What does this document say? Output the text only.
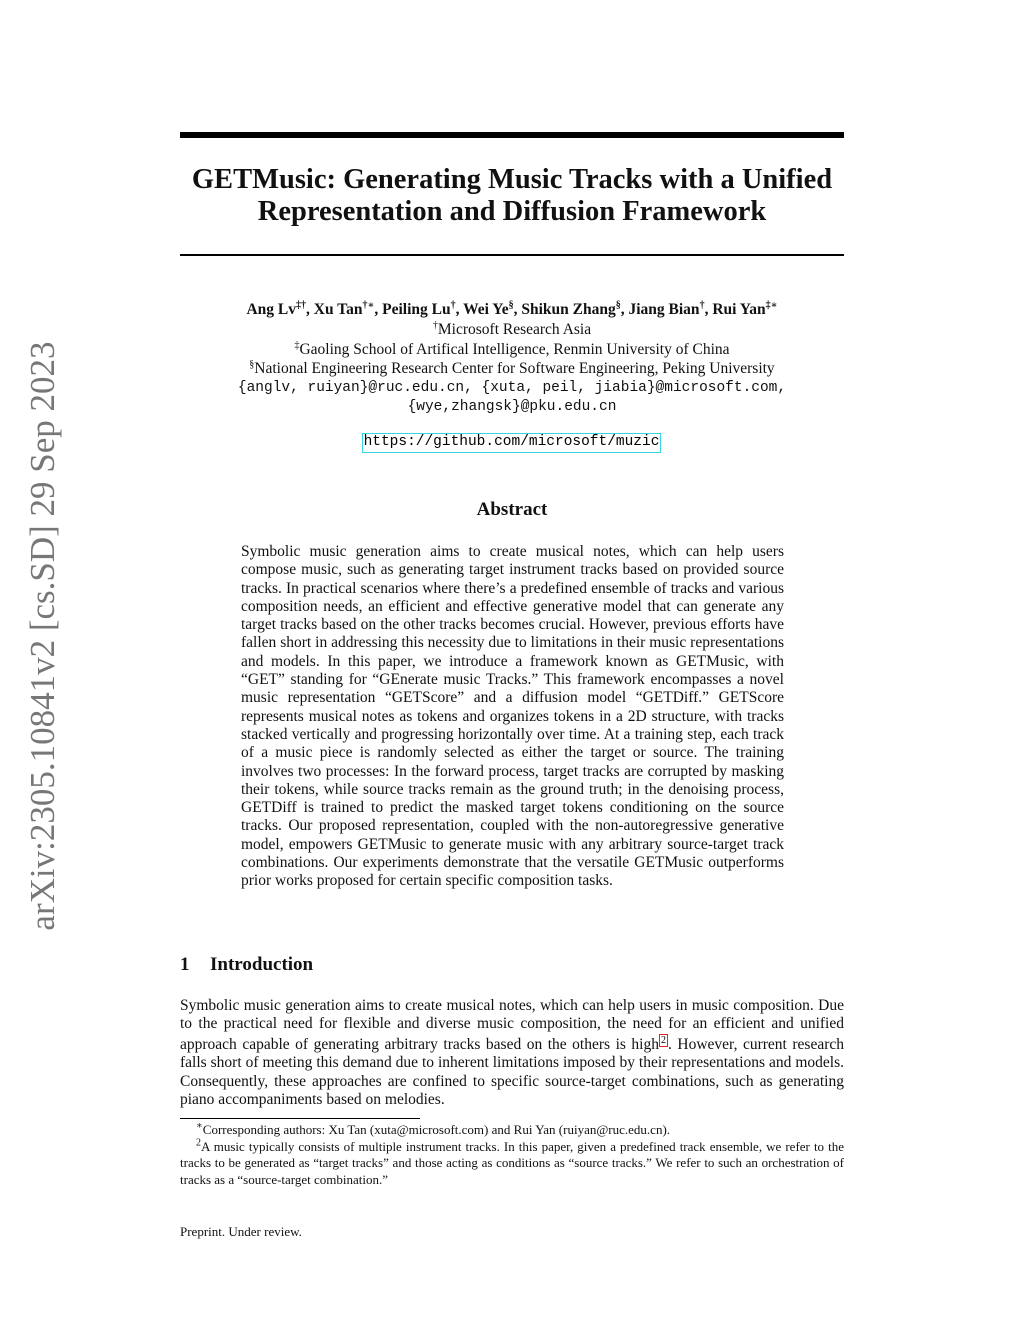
arXiv:2305.10841v2 [cs.SD] 29 Sep 2023
GETMusic: Generating Music Tracks with a Unified
Representation and Diffusion Framework
Ang Lv‡†, Xu Tan†∗, Peiling Lu†, Wei Ye§, Shikun Zhang§, Jiang Bian†, Rui Yan‡∗
†Microsoft Research Asia
‡Gaoling School of Artifical Intelligence, Renmin University of China
§National Engineering Research Center for Software Engineering, Peking University
{anglv, ruiyan}@ruc.edu.cn, {xuta, peil, jiabia}@microsoft.com,
{wye,zhangsk}@pku.edu.cn
https://github.com/microsoft/muzic
Abstract
Symbolic music generation aims to create musical notes, which can help users compose music, such as generating target instrument tracks based on provided source tracks. In practical scenarios where there’s a predefined ensemble of tracks and various composition needs, an efficient and effective generative model that can generate any target tracks based on the other tracks becomes crucial. However, previous efforts have fallen short in addressing this necessity due to limitations in their music representations and models. In this paper, we introduce a framework known as GETMusic, with “GET” standing for “GEnerate music Tracks.” This framework encompasses a novel music representation “GETScore” and a diffusion model “GETDiff.” GETScore represents musical notes as tokens and organizes tokens in a 2D structure, with tracks stacked vertically and progressing horizontally over time. At a training step, each track of a music piece is randomly selected as either the target or source. The training involves two processes: In the forward process, target tracks are corrupted by masking their tokens, while source tracks remain as the ground truth; in the denoising process, GETDiff is trained to predict the masked target tokens conditioning on the source tracks. Our proposed representation, coupled with the non-autoregressive generative model, empowers GETMusic to generate music with any arbitrary source-target track combinations. Our experiments demonstrate that the versatile GETMusic outperforms prior works proposed for certain specific composition tasks.
1 Introduction
Symbolic music generation aims to create musical notes, which can help users in music composition. Due to the practical need for flexible and diverse music composition, the need for an efficient and unified approach capable of generating arbitrary tracks based on the others is high 2 . However, current research falls short of meeting this demand due to inherent limitations imposed by their representations and models. Consequently, these approaches are confined to specific source-target combinations, such as generating piano accompaniments based on melodies.

∗Corresponding authors: Xu Tan (xuta@microsoft.com) and Rui Yan (ruiyan@ruc.edu.cn).

$^2$A music typically consists of multiple instrument tracks. In this paper, given a predefined track ensemble, we refer to the tracks to be generated as “target tracks” and those acting as conditions as “source tracks.” We refer to such an orchestration of tracks as a “source-target combination.”

Preprint. Under review.
